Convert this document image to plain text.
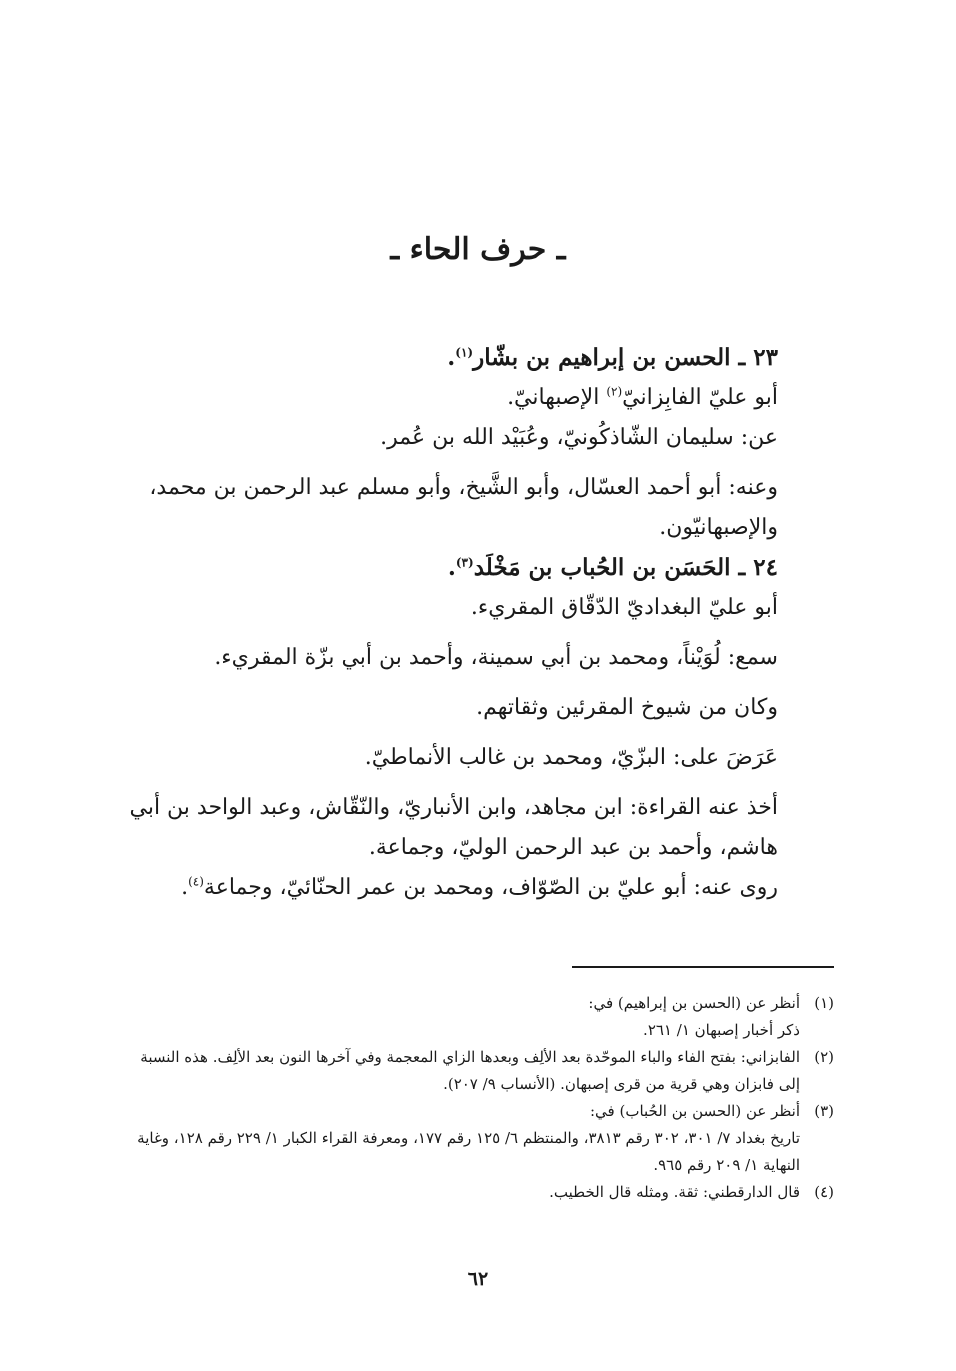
ـ حرف الحاء ـ

٢٣ ـ الحسن بن إبراهيم بن بشّار$^{(١)}$.

أبو عليّ الفابِزانيّ$^{(٢)}$ الإصبهانيّ.

عن: سليمان الشّاذكُونيّ، وعُبَيْد الله بن عُمر.

وعنه: أبو أحمد العسّال، وأبو الشَّيخ، وأبو مسلم عبد الرحمن بن محمد، والإصبهانيّون.

٢٤ ـ الحَسَن بن الحُباب بن مَخْلَد$^{(٣)}$.

أبو عليّ البغداديّ الدّقّاق المقريء.

سمع: لُوَيْناً، ومحمد بن أبي سمينة، وأحمد بن أبي بزّة المقريء.

وكان من شيوخ المقرئين وثقاتهم.

عَرَضَ على: البزّيّ، ومحمد بن غالب الأنماطيّ.

أخذ عنه القراءة: ابن مجاهد، وابن الأنباريّ، والنّقّاش، وعبد الواحد بن أبي هاشم، وأحمد بن عبد الرحمن الوليّ، وجماعة.

روى عنه: أبو عليّ بن الصّوّاف، ومحمد بن عمر الحنّائيّ، وجماعة$^{(٤)}$.

(١)
أنظر عن (الحسن بن إبراهيم) في:
ذكر أخبار إصبهان ١/ ٢٦١.
(٢)
الفابزاني: بفتح الفاء والباء الموحّدة بعد الألِف وبعدها الزاي المعجمة وفي آخرها النون بعد الألِف. هذه النسبة إلى فابزان وهي قرية من قرى إصبهان. (الأنساب ٩/ ٢٠٧).
(٣)
أنظر عن (الحسن بن الحُباب) في:
تاريخ بغداد ٧/ ٣٠١، ٣٠٢ رقم ٣٨١٣، والمنتظم ٦/ ١٢٥ رقم ١٧٧، ومعرفة القراء الكبار ١/ ٢٢٩ رقم ١٢٨، وغاية النهاية ١/ ٢٠٩ رقم ٩٦٥.
(٤)
قال الدارقطني: ثقة. ومثله قال الخطيب.
٦٢
